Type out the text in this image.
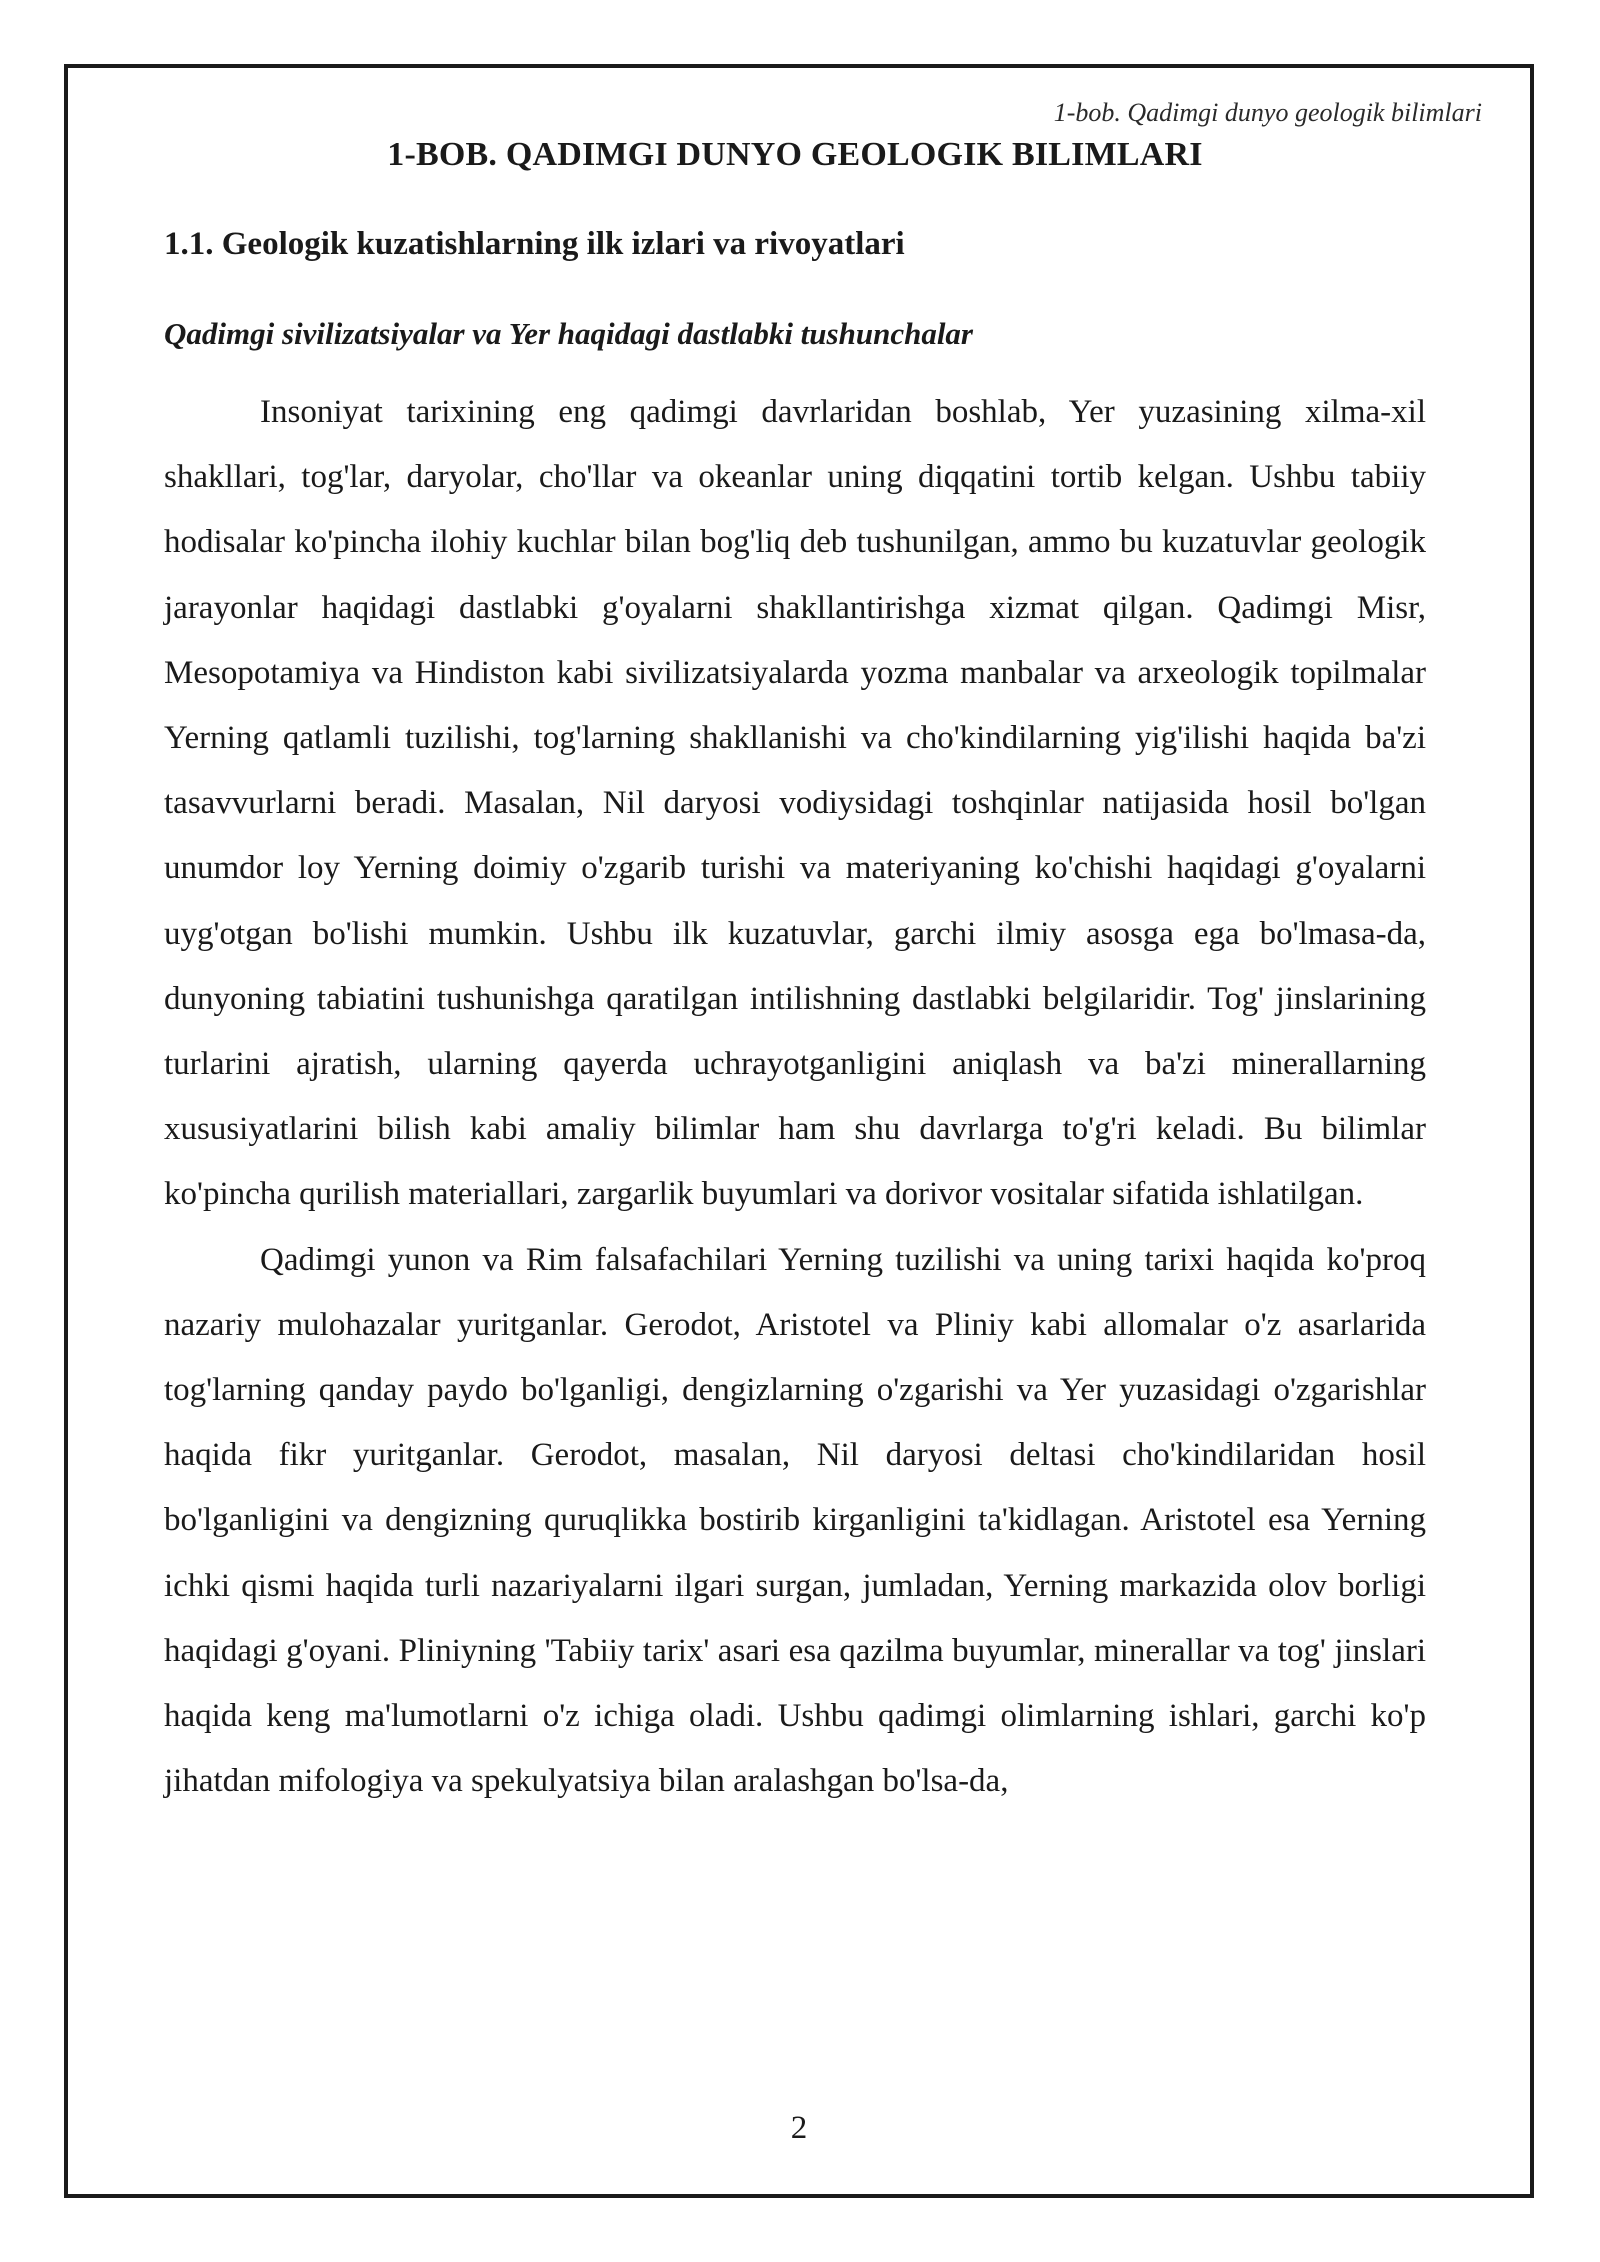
1-bob. Qadimgi dunyo geologik bilimlari
1-BOB. QADIMGI DUNYO GEOLOGIK BILIMLARI
1.1. Geologik kuzatishlarning ilk izlari va rivoyatlari
Qadimgi sivilizatsiyalar va Yer haqidagi dastlabki tushunchalar

Insoniyat tarixining eng qadimgi davrlaridan boshlab, Yer yuzasining xilma-xil shakllari, tog'lar, daryolar, cho'llar va okeanlar uning diqqatini tortib kelgan. Ushbu tabiiy hodisalar ko'pincha ilohiy kuchlar bilan bog'liq deb tushunilgan, ammo bu kuzatuvlar geologik jarayonlar haqidagi dastlabki g'oyalarni shakllantirishga xizmat qilgan. Qadimgi Misr, Mesopotamiya va Hindiston kabi sivilizatsiyalarda yozma manbalar va arxeologik topilmalar Yerning qatlamli tuzilishi, tog'larning shakllanishi va cho'kindilarning yig'ilishi haqida ba'zi tasavvurlarni beradi. Masalan, Nil daryosi vodiysidagi toshqinlar natijasida hosil bo'lgan unumdor loy Yerning doimiy o'zgarib turishi va materiyaning ko'chishi haqidagi g'oyalarni uyg'otgan bo'lishi mumkin. Ushbu ilk kuzatuvlar, garchi ilmiy asosga ega bo'lmasa-da, dunyoning tabiatini tushunishga qaratilgan intilishning dastlabki belgilaridir. Tog' jinslarining turlarini ajratish, ularning qayerda uchrayotganligini aniqlash va ba'zi minerallarning xususiyatlarini bilish kabi amaliy bilimlar ham shu davrlarga to'g'ri keladi. Bu bilimlar ko'pincha qurilish materiallari, zargarlik buyumlari va dorivor vositalar sifatida ishlatilgan.

Qadimgi yunon va Rim falsafachilari Yerning tuzilishi va uning tarixi haqida ko'proq nazariy mulohazalar yuritganlar. Gerodot, Aristotel va Pliniy kabi allomalar o'z asarlarida tog'larning qanday paydo bo'lganligi, dengizlarning o'zgarishi va Yer yuzasidagi o'zgarishlar haqida fikr yuritganlar. Gerodot, masalan, Nil daryosi deltasi cho'kindilaridan hosil bo'lganligini va dengizning quruqlikka bostirib kirganligini ta'kidlagan. Aristotel esa Yerning ichki qismi haqida turli nazariyalarni ilgari surgan, jumladan, Yerning markazida olov borligi haqidagi g'oyani. Pliniyning 'Tabiiy tarix' asari esa qazilma buyumlar, minerallar va tog' jinslari haqida keng ma'lumotlarni o'z ichiga oladi. Ushbu qadimgi olimlarning ishlari, garchi ko'p jihatdan mifologiya va spekulyatsiya bilan aralashgan bo'lsa-da,

2
